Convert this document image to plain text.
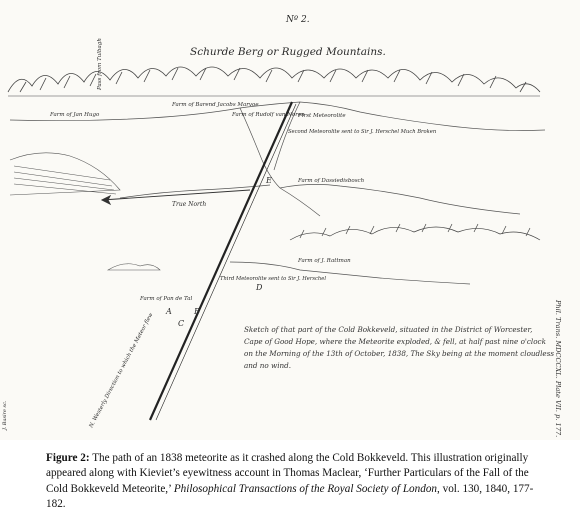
Nº 2.
Schurde Berg or Rugged Mountains.
Pass from Tulbagh
True North
Farm of Jan Hugo
Farm of Barend Jacobs Marvoe
Farm of Rudolf van Noren
Farm of Dassiedisbosch
Farm of J. Rattman
Farm of Pan de Tal
First Meteorolite
Second Meteorolite sent to Sir J. Herschel Much Broken
Third Meteorolite sent to Sir J. Herschel
A	B
C
D
E
N. Westerly Direction to which the Meteor flew	Sketch of that part of the Cold Bokkeveld, situated in the District of Worcester,
Cape of Good Hope, where the Meteorite exploded, & fell, at half past nine o'clock
on the Morning of the 13th of October, 1838, The Sky being at the moment cloudless
and no wind.	Phil. Trans. MDCCCXL. Plate VII. p. 177.
J. Basire sc.
Figure 2: The path of an 1838 meteorite as it crashed along the Cold Bokkeveld. This illustration originally appeared along with Kieviet’s eyewitness account in Thomas Maclear, ‘Further Particulars of the Fall of the Cold Bokkeveld Meteorite,’ Philosophical Transactions of the Royal Society of London, vol. 130, 1840, 177-182.
